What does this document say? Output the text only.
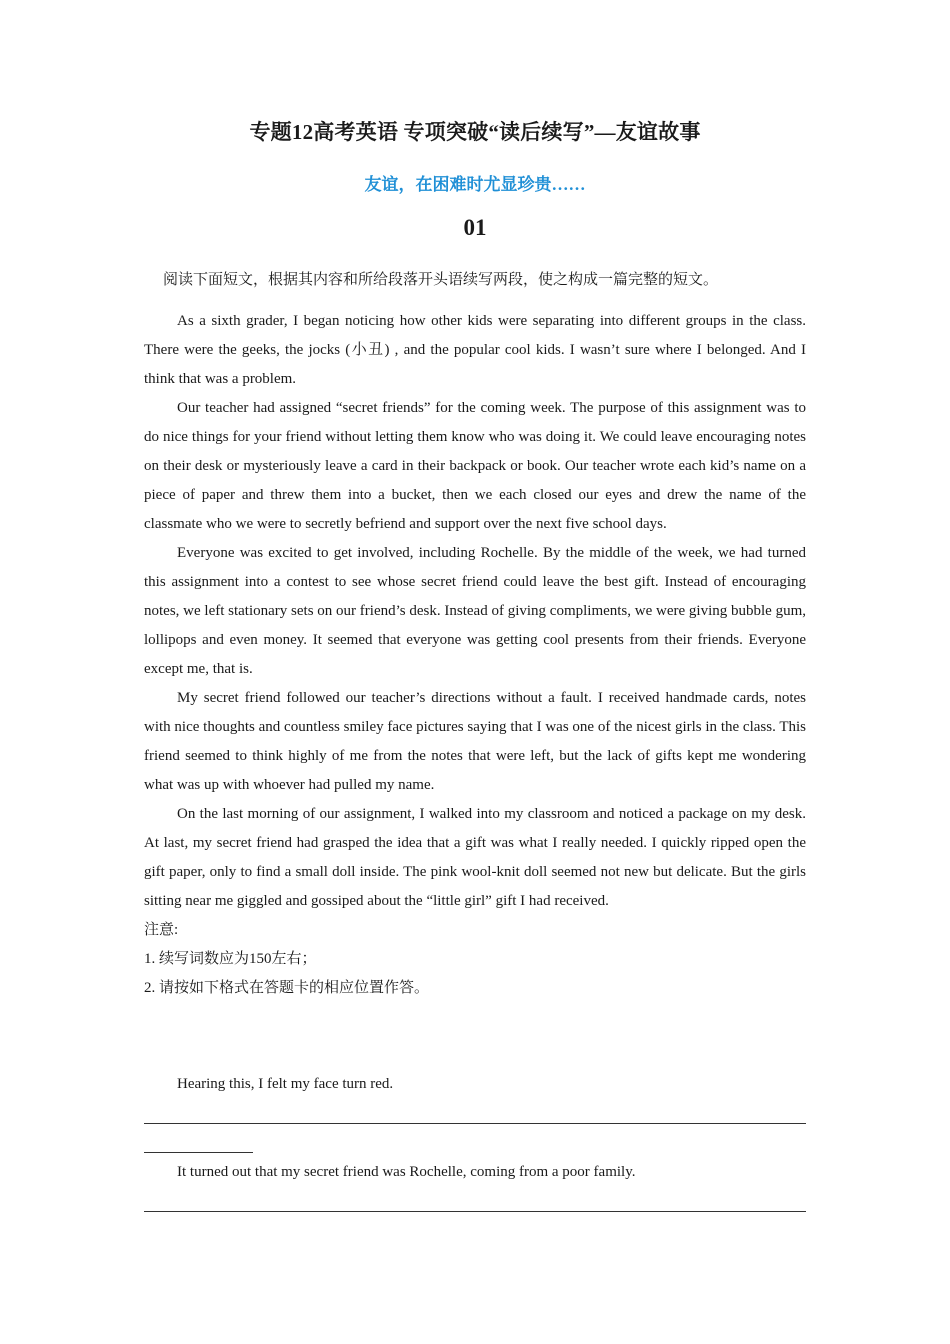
专题12高考英语 专项突破“读后续写”—友谊故事
友谊，在困难时尤显珍贵……
01
阅读下面短文，根据其内容和所给段落开头语续写两段，使之构成一篇完整的短文。

As a sixth grader, I began noticing how other kids were separating into different groups in the class. There were the geeks, the jocks (小丑) , and the popular cool kids. I wasn’t sure where I belonged. And I think that was a problem.

Our teacher had assigned “secret friends” for the coming week. The purpose of this assignment was to do nice things for your friend without letting them know who was doing it. We could leave encouraging notes on their desk or mysteriously leave a card in their backpack or book. Our teacher wrote each kid’s name on a piece of paper and threw them into a bucket, then we each closed our eyes and drew the name of the classmate who we were to secretly befriend and support over the next five school days.

Everyone was excited to get involved, including Rochelle. By the middle of the week, we had turned this assignment into a contest to see whose secret friend could leave the best gift. Instead of encouraging notes, we left stationary sets on our friend’s desk. Instead of giving compliments, we were giving bubble gum, lollipops and even money. It seemed that everyone was getting cool presents from their friends. Everyone except me, that is.

My secret friend followed our teacher’s directions without a fault. I received handmade cards, notes with nice thoughts and countless smiley face pictures saying that I was one of the nicest girls in the class. This friend seemed to think highly of me from the notes that were left, but the lack of gifts kept me wondering what was up with whoever had pulled my name.

On the last morning of our assignment, I walked into my classroom and noticed a package on my desk. At last, my secret friend had grasped the idea that a gift was what I really needed. I quickly ripped open the gift paper, only to find a small doll inside. The pink wool-knit doll seemed not new but delicate. But the girls sitting near me giggled and gossiped about the “little girl” gift I had received.

注意:

1. 续写词数应为150左右；

2. 请按如下格式在答题卡的相应位置作答。

Hearing this, I felt my face turn red.
It turned out that my secret friend was Rochelle, coming from a poor family.
